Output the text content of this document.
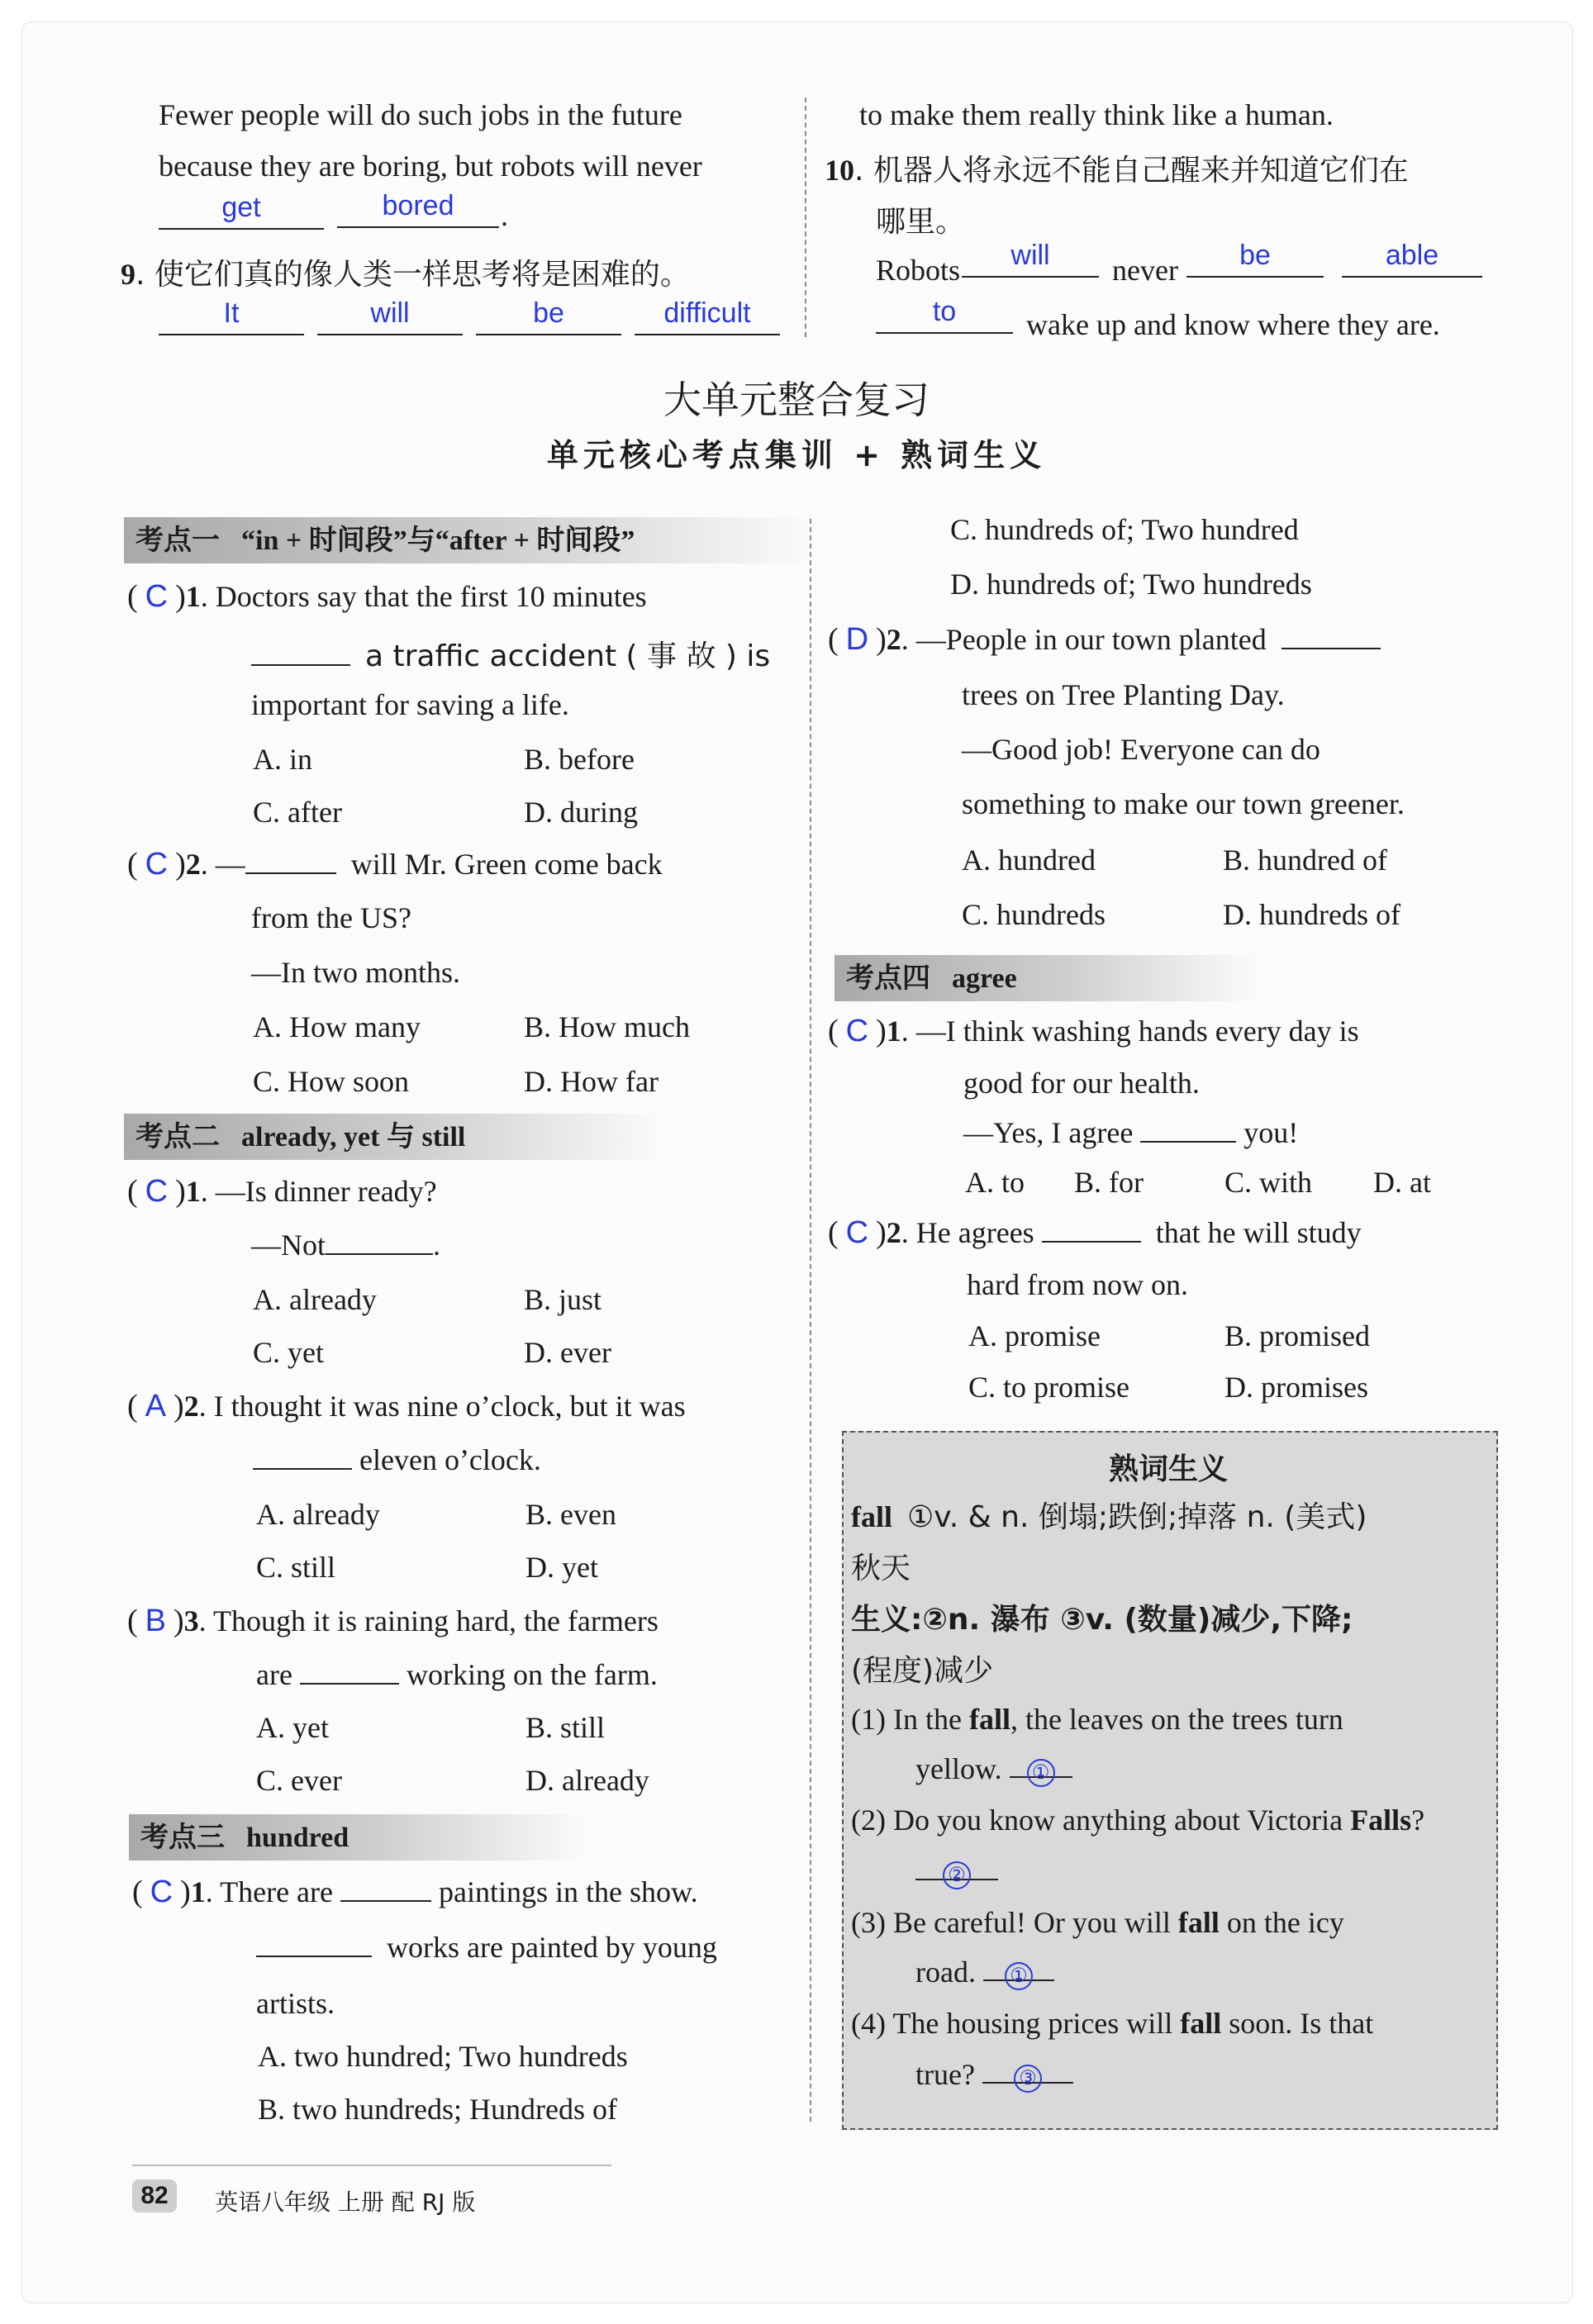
Fewer people will do such jobs in the future
because they are boring, but robots will never
get	bored	.
9. 使它们真的像人类一样思考将是困难的。
It	will	be	difficult
to make them really think like a human.
10. 机器人将永远不能自己醒来并知道它们在
哪里。
Robots	will	never	be	able
to	wake up and know where they are.
大单元整合复习
单元核心考点集训 + 熟词生义
考点一 “in + 时间段”与“after + 时间段”
( C )1. Doctors say that the first 10 minutes
a traffic accident ( 事 故 ) is
important for saving a life.
A. in	B. before
C. after	D. during
( C )2. —	will Mr. Green come back
from the US?
—In two months.
A. How many	B. How much
C. How soon	D. How far
考点二 already, yet 与 still
( C )1. —Is dinner ready?
—Not	.
A. already	B. just
C. yet	D. ever
( A )2. I thought it was nine o’clock, but it was
eleven o’clock.
A. already	B. even
C. still	D. yet
( B )3. Though it is raining hard, the farmers
are	working on the farm.
A. yet	B. still
C. ever	D. already
考点三 hundred
( C )1. There are	paintings in the show.
works are painted by young
artists.
A. two hundred; Two hundreds
B. two hundreds; Hundreds of
C. hundreds of; Two hundred
D. hundreds of; Two hundreds
( D )2. —People in our town planted
trees on Tree Planting Day.
—Good job! Everyone can do
something to make our town greener.
A. hundred	B. hundred of
C. hundreds	D. hundreds of
考点四 agree
( C )1. —I think washing hands every day is
good for our health.
—Yes, I agree	you!
A. to B. for	C. with D. at
( C )2. He agrees	that he will study
hard from now on.
A. promise	B. promised
C. to promise	D. promises
熟词生义
fall ①v. & n. 倒塌;跌倒;掉落 n. (美式)
秋天
生义:②n. 瀑布 ③v. (数量)减少,下降;
(程度)减少
(1) In the fall, the leaves on the trees turn
yellow. ①
(2) Do you know anything about Victoria Falls?
②
(3) Be careful! Or you will fall on the icy
road. ①
(4) The housing prices will fall soon. Is that
true? ③
82	英语八年级 上册 配 RJ 版
